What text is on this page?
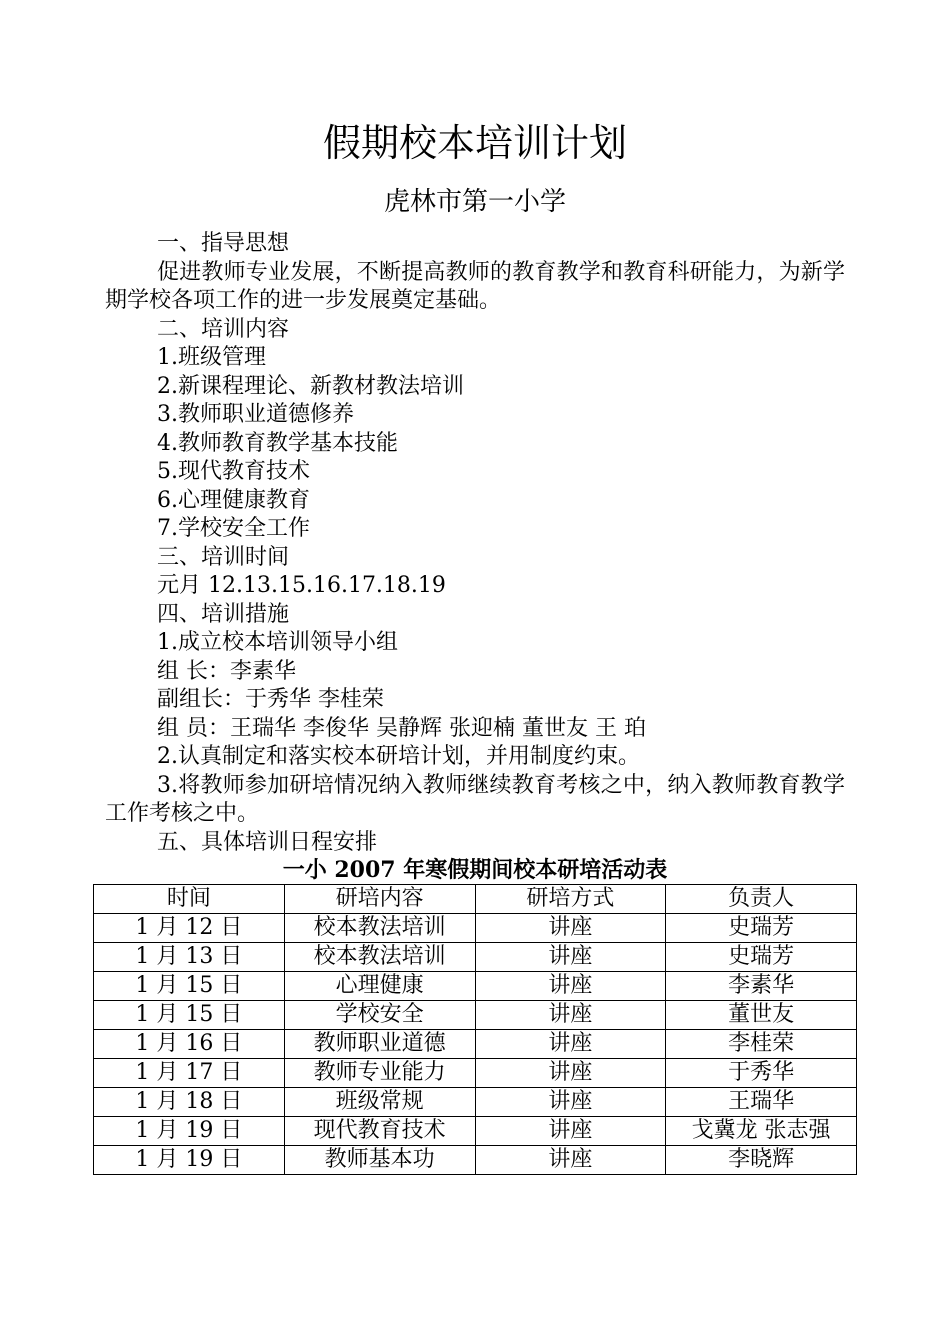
假期校本培训计划
虎林市第一小学

一、指导思想

促进教师专业发展，不断提高教师的教育教学和教育科研能力，为新学期学校各项工作的进一步发展奠定基础。

二、培训内容

1.班级管理

2.新课程理论、新教材教法培训

3.教师职业道德修养

4.教师教育教学基本技能

5.现代教育技术

6.心理健康教育

7.学校安全工作

三、培训时间

元月 12.13.15.16.17.18.19

四、培训措施

1.成立校本培训领导小组

组 长：李素华

副组长：于秀华 李桂荣

组 员：王瑞华 李俊华 吴静辉 张迎楠 董世友 王 珀

2.认真制定和落实校本研培计划，并用制度约束。

3.将教师参加研培情况纳入教师继续教育考核之中，纳入教师教育教学工作考核之中。

五、具体培训日程安排

一小 2007 年寒假期间校本研培活动表
时间	研培内容	研培方式	负责人
1 月 12 日	校本教法培训	讲座	史瑞芳
1 月 13 日	校本教法培训	讲座	史瑞芳
1 月 15 日	心理健康	讲座	李素华
1 月 15 日	学校安全	讲座	董世友
1 月 16 日	教师职业道德	讲座	李桂荣
1 月 17 日	教师专业能力	讲座	于秀华
1 月 18 日	班级常规	讲座	王瑞华
1 月 19 日	现代教育技术	讲座	戈冀龙 张志强
1 月 19 日	教师基本功	讲座	李晓辉
